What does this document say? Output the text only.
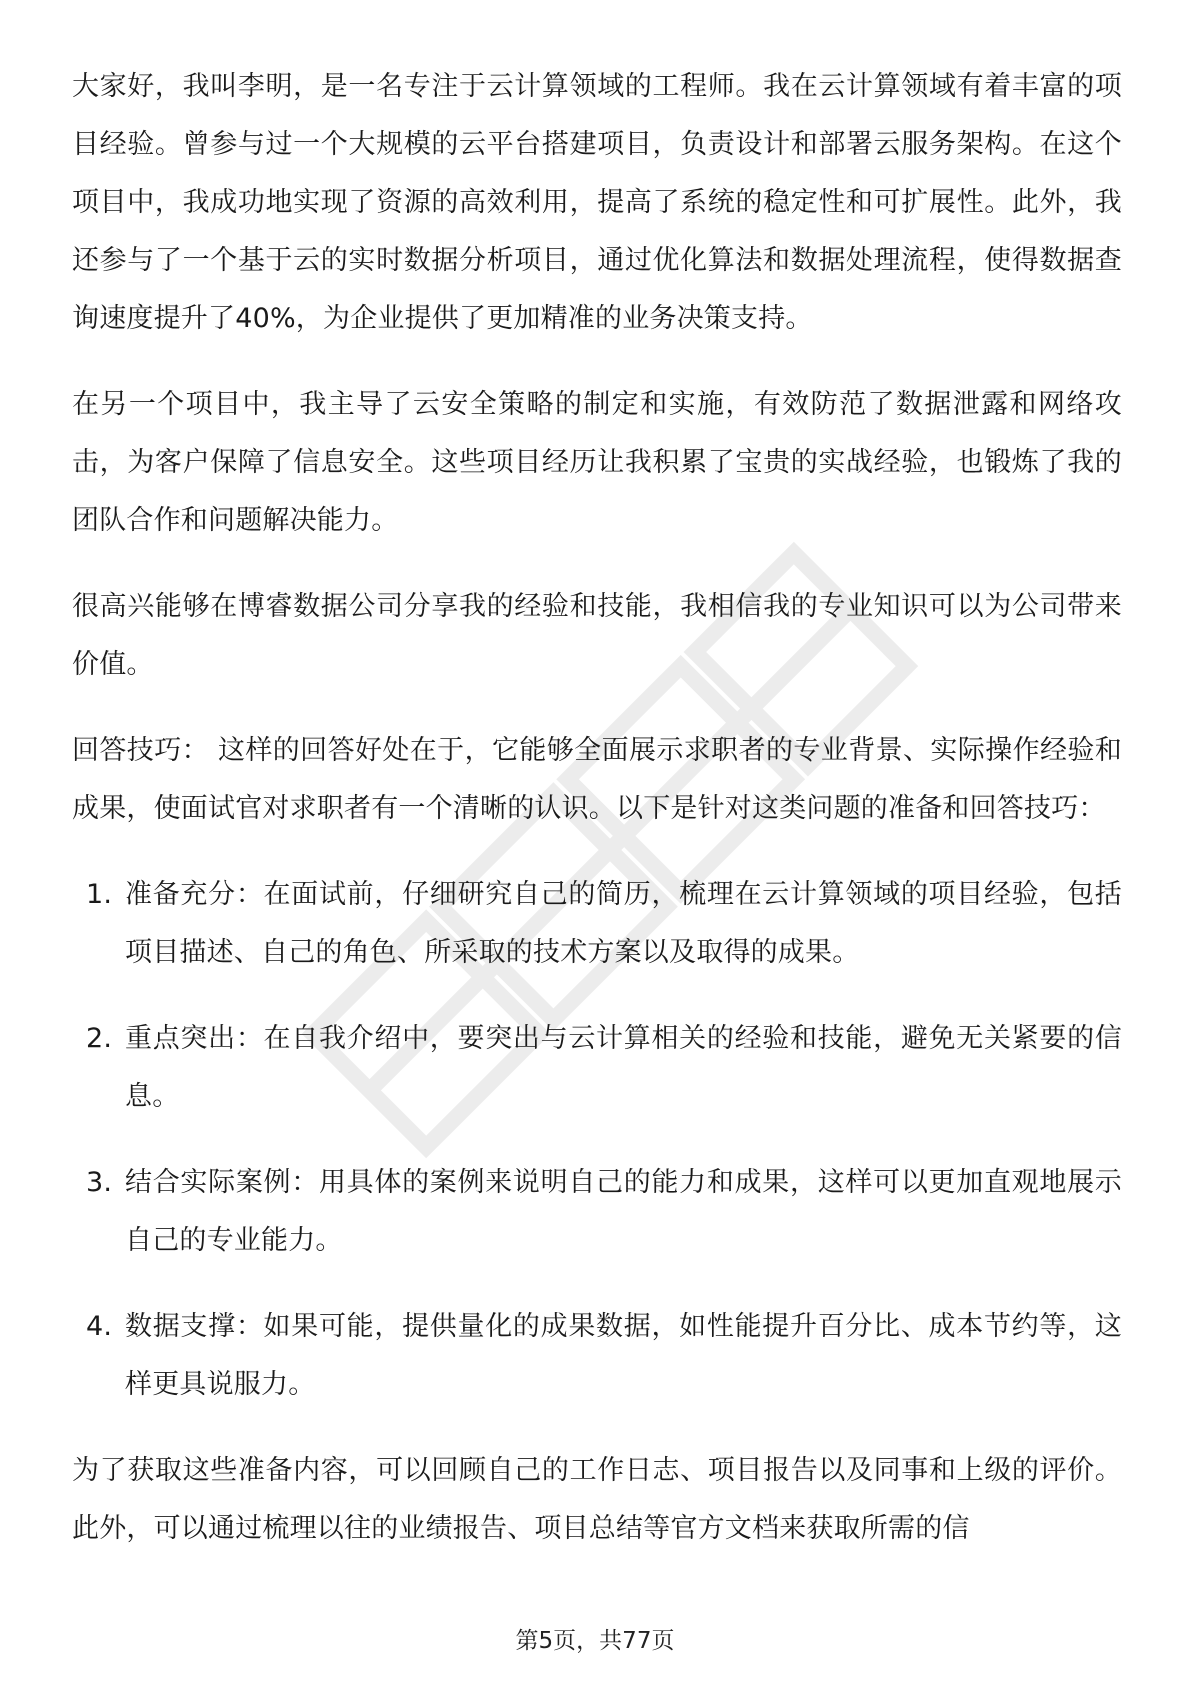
大家好，我叫李明，是一名专注于云计算领域的工程师。我在云计算领域有着丰富的项目经验。曾参与过一个大规模的云平台搭建项目，负责设计和部署云服务架构。在这个项目中，我成功地实现了资源的高效利用，提高了系统的稳定性和可扩展性。此外，我还参与了一个基于云的实时数据分析项目，通过优化算法和数据处理流程，使得数据查询速度提升了40%，为企业提供了更加精准的业务决策支持。

在另一个项目中，我主导了云安全策略的制定和实施，有效防范了数据泄露和网络攻击，为客户保障了信息安全。这些项目经历让我积累了宝贵的实战经验，也锻炼了我的团队合作和问题解决能力。

很高兴能够在博睿数据公司分享我的经验和技能，我相信我的专业知识可以为公司带来价值。

回答技巧： 这样的回答好处在于，它能够全面展示求职者的专业背景、实际操作经验和成果，使面试官对求职者有一个清晰的认识。以下是针对这类问题的准备和回答技巧：

1. 准备充分：在面试前，仔细研究自己的简历，梳理在云计算领域的项目经验，包括项目描述、自己的角色、所采取的技术方案以及取得的成果。
2. 重点突出：在自我介绍中，要突出与云计算相关的经验和技能，避免无关紧要的信息。
3. 结合实际案例：用具体的案例来说明自己的能力和成果，这样可以更加直观地展示自己的专业能力。
4. 数据支撑：如果可能，提供量化的成果数据，如性能提升百分比、成本节约等，这样更具说服力。

为了获取这些准备内容，可以回顾自己的工作日志、项目报告以及同事和上级的评价。此外，可以通过梳理以往的业绩报告、项目总结等官方文档来获取所需的信

第5页，共77页
